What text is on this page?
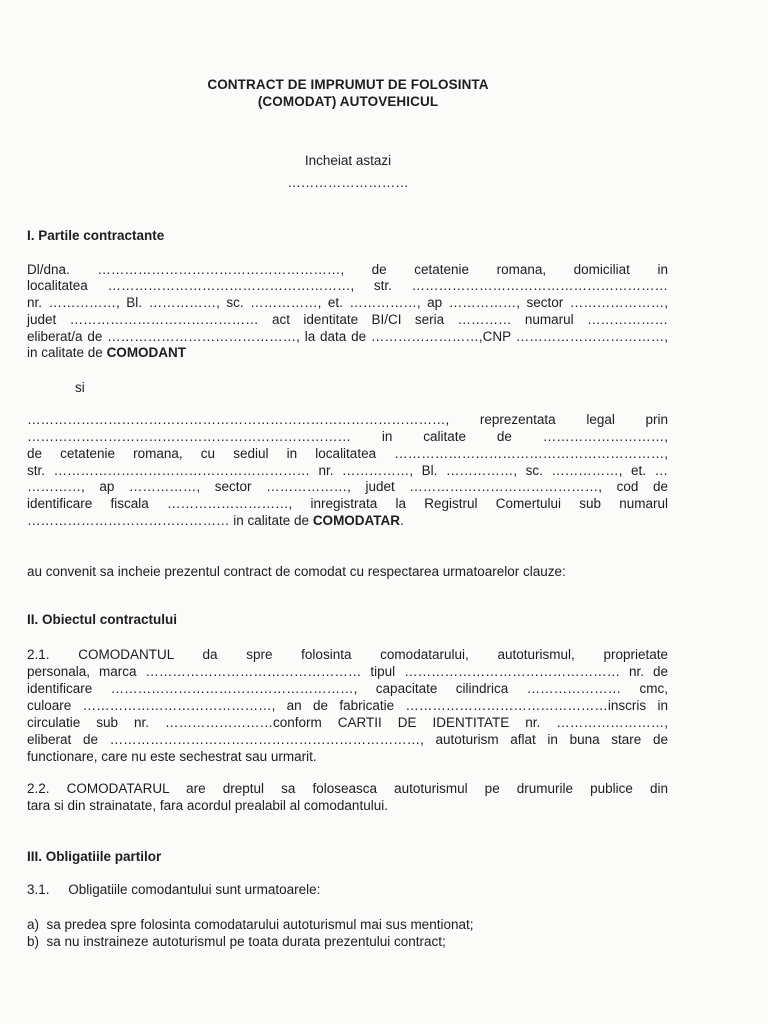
CONTRACT DE IMPRUMUT DE FOLOSINTA
(COMODAT) AUTOVEHICUL
Incheiat astazi
………………………
I. Partile contractante
Dl/dna. ………………………………………………, de cetatenie romana, domiciliat in
localitatea ………………………………………………, str. …………………………………………………
nr. ……………, Bl. ……………, sc. ……………, et. ……………, ap ……………, sector …………………,
judet …………………………………… act identitate BI/CI seria ………… numarul ………………
eliberat/a de ……………………………………, la data de ……………………,CNP ……………………………,
in calitate de COMODANT
si
…………………………………………………………………………………, reprezentata legal prin
……………………………………………………………… in calitate de ………………………,
de cetatenie romana, cu sediul in localitatea ……………………………………………………,
str. ………………………………………………… nr. ……………, Bl. ……………, sc. ……………, et. …
…………, ap ……………, sector ………………, judet ……………………………………, cod de
identificare fiscala ………………………, inregistrata la Registrul Comertului sub numarul
……………………………………… in calitate de COMODATAR.
au convenit sa incheie prezentul contract de comodat cu respectarea urmatoarelor clauze:
II. Obiectul contractului
2.1. COMODANTUL da spre folosinta comodatarului, autoturismul, proprietate
personala, marca ………………………………………… tipul ………………………………………… nr. de
identificare ………………………………………………, capacitate cilindrica ………………… cmc,
culoare ……………………………………, an de fabricatie ………………………………………inscris in
circulatie sub nr. ……………………conform CARTII DE IDENTITATE nr. ……………………,
eliberat de ……………………………………………………………, autoturism aflat in buna stare de
functionare, care nu este sechestrat sau urmarit.
2.2. COMODATARUL are dreptul sa foloseasca autoturismul pe drumurile publice din
tara si din strainatate, fara acordul prealabil al comodantului.
III. Obligatiile partilor
3.1.     Obligatiile comodantului sunt urmatoarele:
a)  sa predea spre folosinta comodatarului autoturismul mai sus mentionat;
b)  sa nu instraineze autoturismul pe toata durata prezentului contract;
